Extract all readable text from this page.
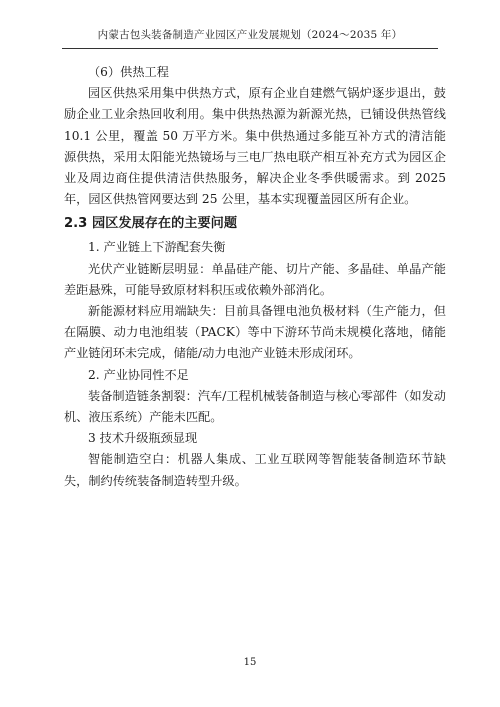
内蒙古包头装备制造产业园区产业发展规划（2024～2035 年）

（6）供热工程

园区供热采用集中供热方式，原有企业自建燃气锅炉逐步退出，鼓励企业工业余热回收利用。集中供热热源为新源光热，已铺设供热管线 10.1 公里，覆盖 50 万平方米。集中供热通过多能互补方式的清洁能源供热，采用太阳能光热镜场与三电厂热电联产相互补充方式为园区企业及周边商住提供清洁供热服务，解决企业冬季供暖需求。到 2025 年，园区供热管网要达到 25 公里，基本实现覆盖园区所有企业。

2.3 园区发展存在的主要问题

1. 产业链上下游配套失衡

光伏产业链断层明显：单晶硅产能、切片产能、多晶硅、单晶产能差距悬殊，可能导致原材料积压或依赖外部消化。

新能源材料应用端缺失：目前具备锂电池负极材料（生产能力，但在隔膜、动力电池组装（PACK）等中下游环节尚未规模化落地，储能产业链闭环未完成，储能/动力电池产业链未形成闭环。

2. 产业协同性不足

装备制造链条割裂：汽车/工程机械装备制造与核心零部件（如发动机、液压系统）产能未匹配。

3 技术升级瓶颈显现

智能制造空白：机器人集成、工业互联网等智能装备制造环节缺失，制约传统装备制造转型升级。

15
